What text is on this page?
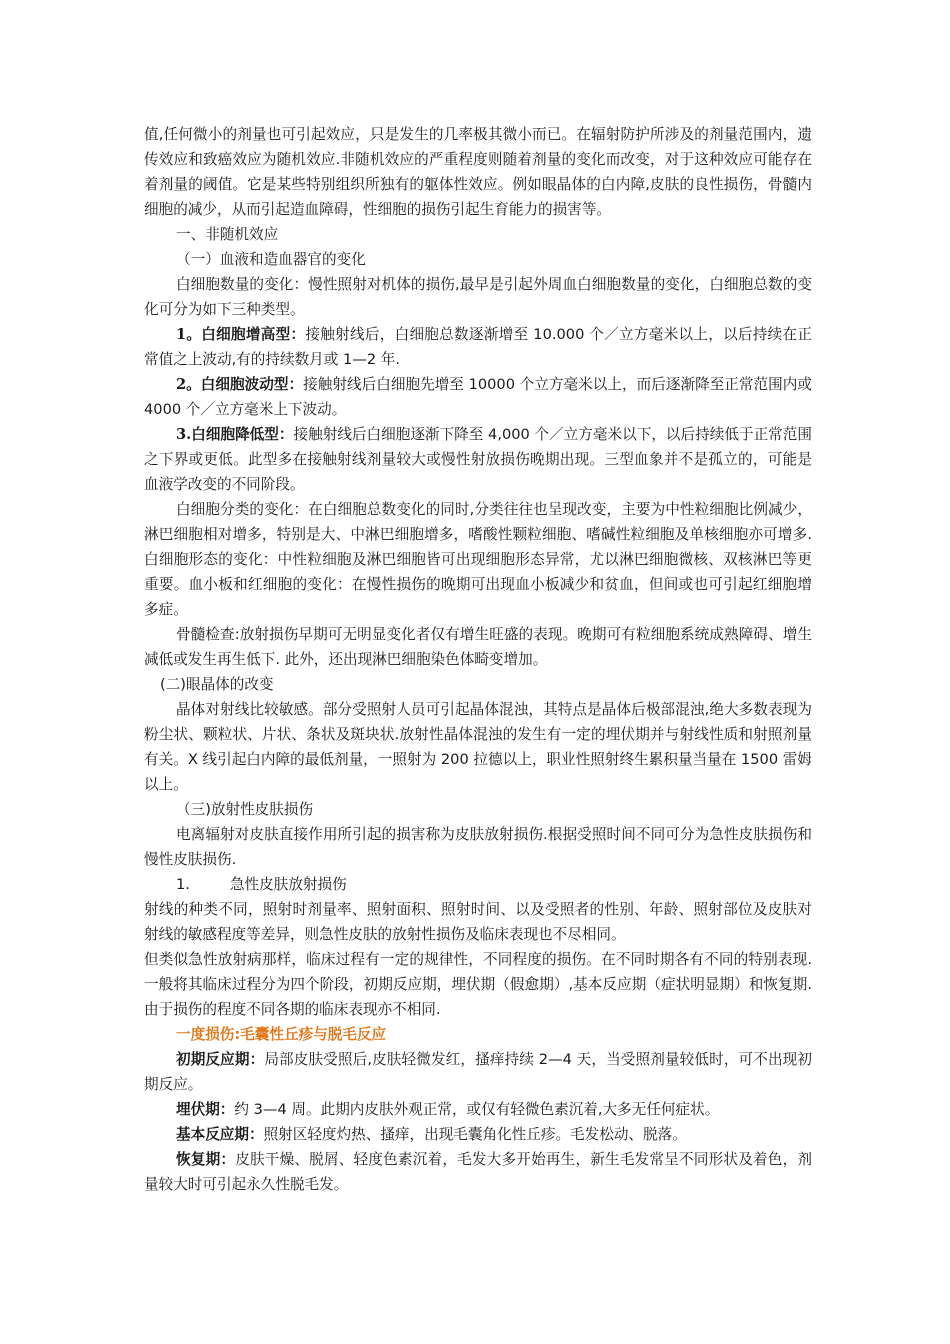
值,任何微小的剂量也可引起效应，只是发生的几率极其微小而已。在辐射防护所涉及的剂量范围内，遗传效应和致癌效应为随机效应.非随机效应的严重程度则随着剂量的变化而改变，对于这种效应可能存在着剂量的阈值。它是某些特别组织所独有的躯体性效应。例如眼晶体的白内障,皮肤的良性损伤，骨髓内细胞的减少，从而引起造血障碍，性细胞的损伤引起生育能力的损害等。

一、非随机效应

（一）血液和造血器官的变化

白细胞数量的变化：慢性照射对机体的损伤,最早是引起外周血白细胞数量的变化，白细胞总数的变化可分为如下三种类型。

1。白细胞增高型：接触射线后，白细胞总数逐渐增至 10.000 个／立方毫米以上，以后持续在正常值之上波动,有的持续数月或 1—2 年.

2。白细胞波动型：接触射线后白细胞先增至 10000 个立方毫米以上，而后逐渐降至正常范围内或 4000 个／立方毫米上下波动。

3.白细胞降低型：接触射线后白细胞逐渐下降至 4,000 个／立方毫米以下，以后持续低于正常范围之下界或更低。此型多在接触射线剂量较大或慢性射放损伤晚期出现。三型血象并不是孤立的，可能是血液学改变的不同阶段。

白细胞分类的变化：在白细胞总数变化的同时,分类往往也呈现改变，主要为中性粒细胞比例减少，淋巴细胞相对增多，特别是大、中淋巴细胞增多，嗜酸性颗粒细胞、嗜碱性粒细胞及单核细胞亦可增多.白细胞形态的变化：中性粒细胞及淋巴细胞皆可出现细胞形态异常，尤以淋巴细胞微核、双核淋巴等更重要。血小板和红细胞的变化：在慢性损伤的晚期可出现血小板减少和贫血，但间或也可引起红细胞增多症。

骨髓检查:放射损伤早期可无明显变化者仅有增生旺盛的表现。晚期可有粒细胞系统成熟障碍、增生减低或发生再生低下. 此外，还出现淋巴细胞染色体畸变增加。

(二)眼晶体的改变

晶体对射线比较敏感。部分受照射人员可引起晶体混浊，其特点是晶体后极部混浊,绝大多数表现为粉尘状、颗粒状、片状、条状及斑块状.放射性晶体混浊的发生有一定的埋伏期并与射线性质和射照剂量有关。X 线引起白内障的最低剂量，一照射为 200 拉德以上，职业性照射终生累积量当量在 1500 雷姆以上。

（三)放射性皮肤损伤

电离辐射对皮肤直接作用所引起的损害称为皮肤放射损伤.根据受照时间不同可分为急性皮肤损伤和慢性皮肤损伤.

1.	急性皮肤放射损伤

射线的种类不同，照射时剂量率、照射面积、照射时间、以及受照者的性别、年龄、照射部位及皮肤对射线的敏感程度等差异，则急性皮肤的放射性损伤及临床表现也不尽相同。

但类似急性放射病那样，临床过程有一定的规律性，不同程度的损伤。在不同时期各有不同的特别表现.一般将其临床过程分为四个阶段，初期反应期，埋伏期（假愈期）,基本反应期（症状明显期）和恢复期.由于损伤的程度不同各期的临床表现亦不相同.

一度损伤:毛囊性丘疹与脱毛反应

初期反应期：局部皮肤受照后,皮肤轻微发红，搔痒持续 2—4 天，当受照剂量较低时，可不出现初期反应。

埋伏期：约 3—4 周。此期内皮肤外观正常，或仅有轻微色素沉着,大多无任何症状。

基本反应期：照射区轻度灼热、搔痒，出现毛囊角化性丘疹。毛发松动、脱落。

恢复期：皮肤干燥、脱屑、轻度色素沉着，毛发大多开始再生，新生毛发常呈不同形状及着色，剂量较大时可引起永久性脱毛发。
